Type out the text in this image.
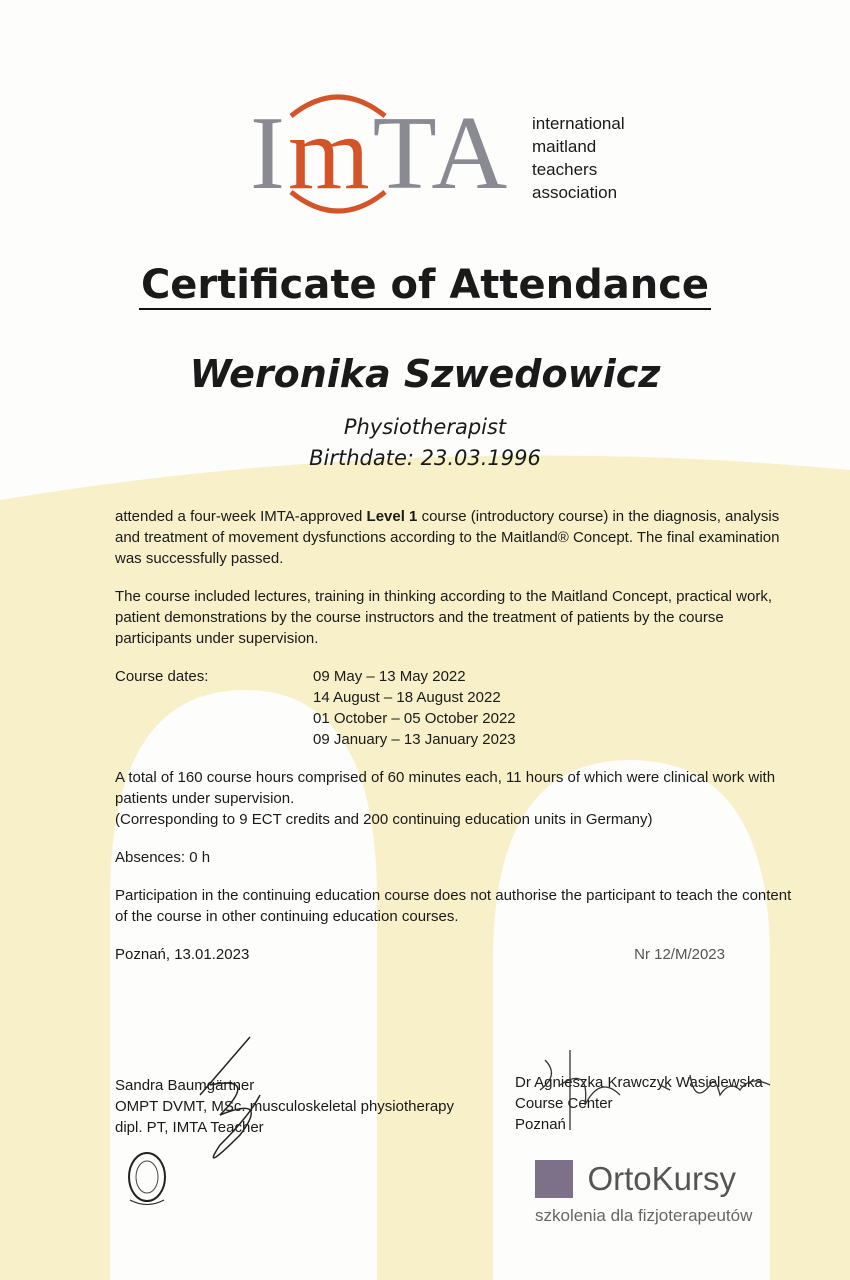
ImTA international
maitland
teachers
association
Certificate of Attendance
Weronika Szwedowicz
Physiotherapist
Birthdate: 23.03.1996
attended a four-week IMTA-approved Level 1 course (introductory course) in the diagnosis, analysis and treatment of movement dysfunctions according to the Maitland® Concept. The final examination was successfully passed.
The course included lectures, training in thinking according to the Maitland Concept, practical work, patient demonstrations by the course instructors and the treatment of patients by the course participants under supervision.
Course dates:	09 May – 13 May 2022
14 August – 18 August 2022
01 October – 05 October 2022
09 January – 13 January 2023
A total of 160 course hours comprised of 60 minutes each, 11 hours of which were clinical work with patients under supervision.
(Corresponding to 9 ECT credits and 200 continuing education units in Germany)
Absences: 0 h
Participation in the continuing education course does not authorise the participant to teach the content of the course in other continuing education courses.
Poznań, 13.01.2023	Nr 12/M/2023
Sandra Baumgärtner
OMPT DVMT, MSc. musculoskeletal physiotherapy
dipl. PT, IMTA Teacher
Dr Agnieszka Krawczyk Wasielewska
Course Center
Poznań
OrtoKursy
szkolenia dla fizjoterapeutów
